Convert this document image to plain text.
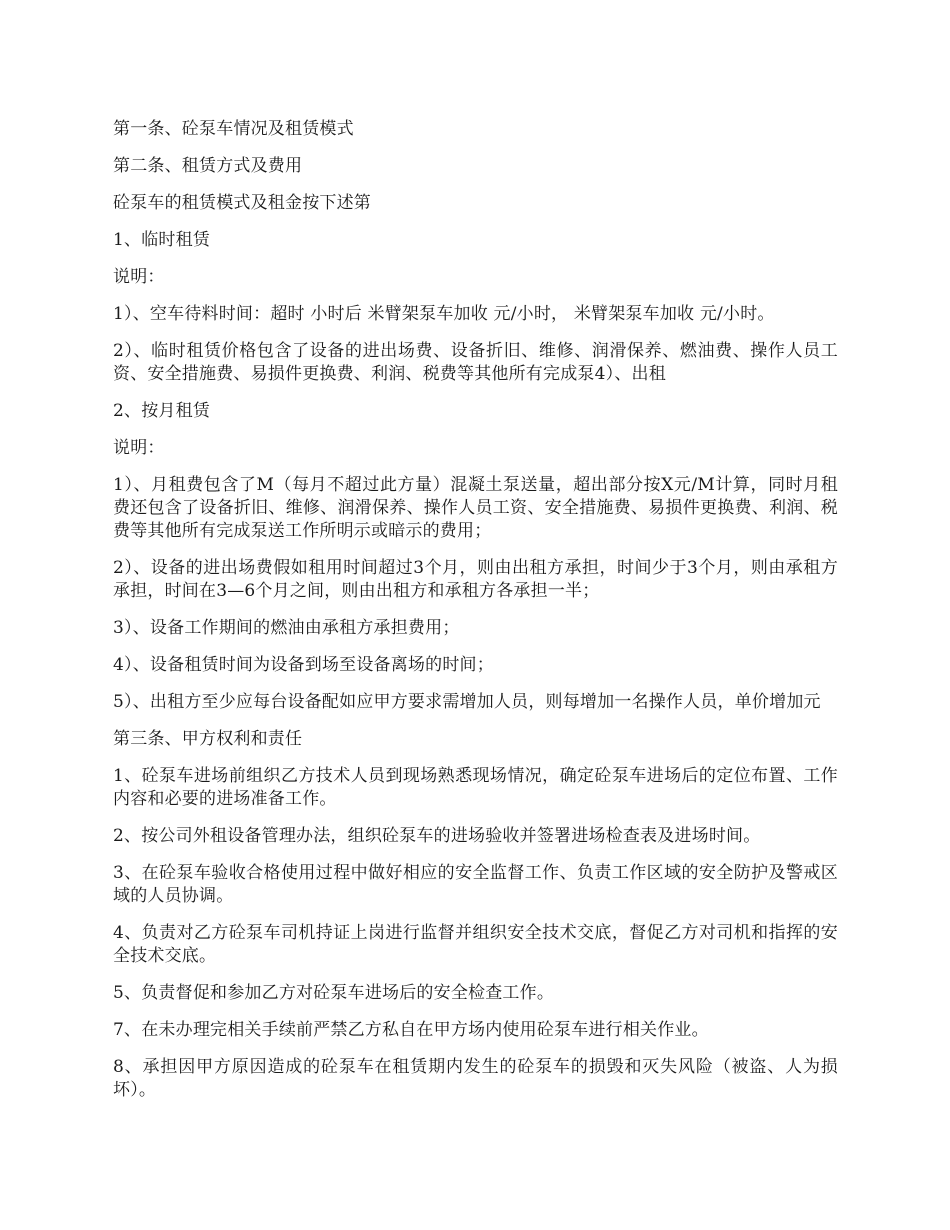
第一条、砼泵车情况及租赁模式

第二条、租赁方式及费用

砼泵车的租赁模式及租金按下述第

1、临时租赁

说明：

1）、空车待料时间：超时 小时后 米臂架泵车加收 元/小时， 米臂架泵车加收 元/小时。

2）、临时租赁价格包含了设备的进出场费、设备折旧、维修、润滑保养、燃油费、操作人员工资、安全措施费、易损件更换费、利润、税费等其他所有完成泵4）、出租

2、按月租赁

说明：

1）、月租费包含了M（每月不超过此方量）混凝土泵送量，超出部分按X元/M计算，同时月租费还包含了设备折旧、维修、润滑保养、操作人员工资、安全措施费、易损件更换费、利润、税费等其他所有完成泵送工作所明示或暗示的费用；

2）、设备的进出场费假如租用时间超过3个月，则由出租方承担，时间少于3个月，则由承租方承担，时间在3—6个月之间，则由出租方和承租方各承担一半；

3）、设备工作期间的燃油由承租方承担费用；

4）、设备租赁时间为设备到场至设备离场的时间；

5）、出租方至少应每台设备配如应甲方要求需增加人员，则每增加一名操作人员，单价增加元

第三条、甲方权利和责任

1、砼泵车进场前组织乙方技术人员到现场熟悉现场情况，确定砼泵车进场后的定位布置、工作内容和必要的进场准备工作。

2、按公司外租设备管理办法，组织砼泵车的进场验收并签署进场检查表及进场时间。

3、在砼泵车验收合格使用过程中做好相应的安全监督工作、负责工作区域的安全防护及警戒区域的人员协调。

4、负责对乙方砼泵车司机持证上岗进行监督并组织安全技术交底，督促乙方对司机和指挥的安全技术交底。

5、负责督促和参加乙方对砼泵车进场后的安全检查工作。

7、在未办理完相关手续前严禁乙方私自在甲方场内使用砼泵车进行相关作业。

8、承担因甲方原因造成的砼泵车在租赁期内发生的砼泵车的损毁和灭失风险（被盗、人为损坏）。
